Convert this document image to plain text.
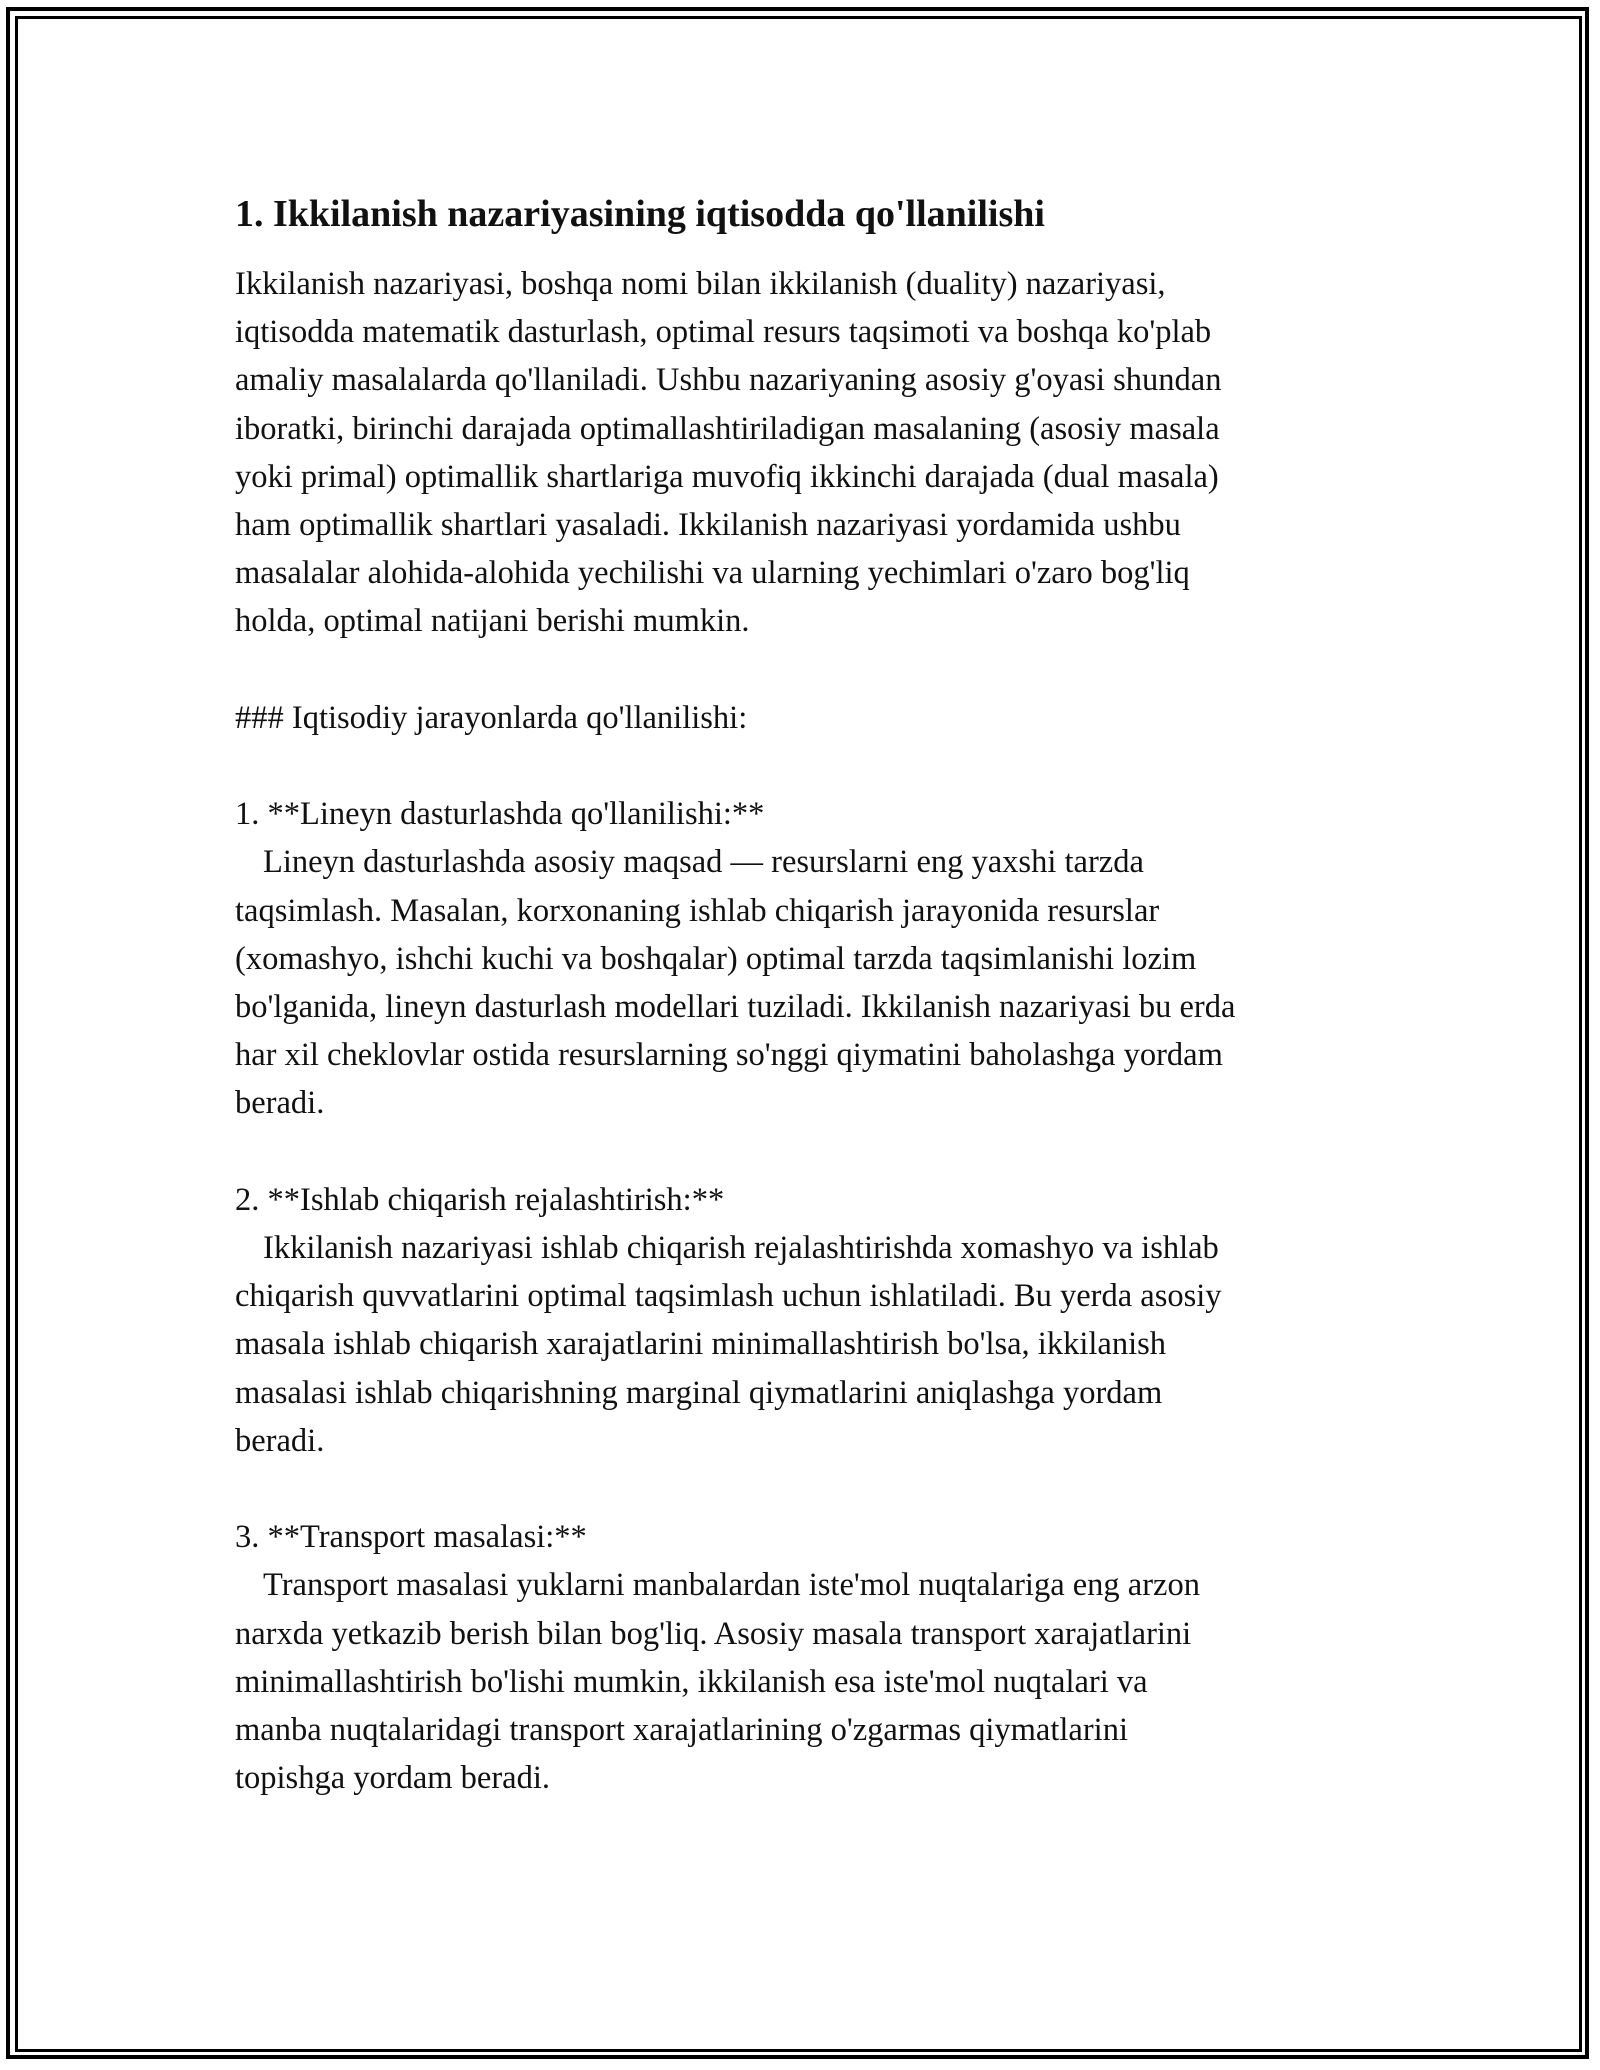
1. Ikkilanish nazariyasining iqtisodda qo'llanilishi

Ikkilanish nazariyasi, boshqa nomi bilan ikkilanish (duality) nazariyasi,

iqtisodda matematik dasturlash, optimal resurs taqsimoti va boshqa ko'plab

amaliy masalalarda qo'llaniladi. Ushbu nazariyaning asosiy g'oyasi shundan

iboratki, birinchi darajada optimallashtiriladigan masalaning (asosiy masala

yoki primal) optimallik shartlariga muvofiq ikkinchi darajada (dual masala)

ham optimallik shartlari yasaladi. Ikkilanish nazariyasi yordamida ushbu

masalalar alohida-alohida yechilishi va ularning yechimlari o'zaro bog'liq

holda, optimal natijani berishi mumkin.

### Iqtisodiy jarayonlarda qo'llanilishi:

1. **Lineyn dasturlashda qo'llanilishi:**

Lineyn dasturlashda asosiy maqsad — resurslarni eng yaxshi tarzda

taqsimlash. Masalan, korxonaning ishlab chiqarish jarayonida resurslar

(xomashyo, ishchi kuchi va boshqalar) optimal tarzda taqsimlanishi lozim

bo'lganida, lineyn dasturlash modellari tuziladi. Ikkilanish nazariyasi bu erda

har xil cheklovlar ostida resurslarning so'nggi qiymatini baholashga yordam

beradi.

2. **Ishlab chiqarish rejalashtirish:**

Ikkilanish nazariyasi ishlab chiqarish rejalashtirishda xomashyo va ishlab

chiqarish quvvatlarini optimal taqsimlash uchun ishlatiladi. Bu yerda asosiy

masala ishlab chiqarish xarajatlarini minimallashtirish bo'lsa, ikkilanish

masalasi ishlab chiqarishning marginal qiymatlarini aniqlashga yordam

beradi.

3. **Transport masalasi:**

Transport masalasi yuklarni manbalardan iste'mol nuqtalariga eng arzon

narxda yetkazib berish bilan bog'liq. Asosiy masala transport xarajatlarini

minimallashtirish bo'lishi mumkin, ikkilanish esa iste'mol nuqtalari va

manba nuqtalaridagi transport xarajatlarining o'zgarmas qiymatlarini

topishga yordam beradi.
